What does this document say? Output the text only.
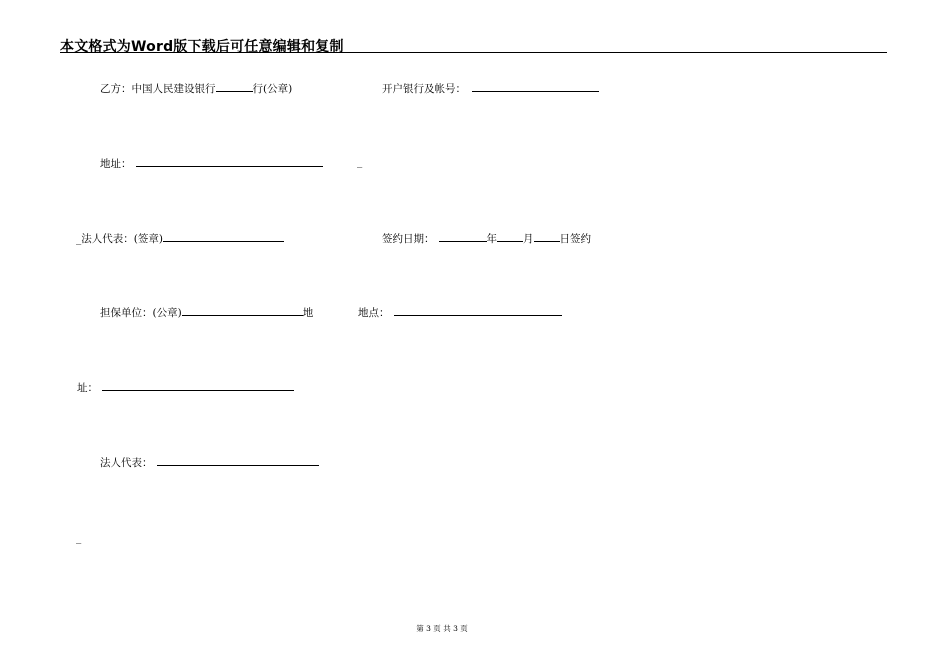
本文格式为Word版下载后可任意编辑和复制
乙方：中国人民建设银行	行(公章)	开户银行及帐号：
地址：	_
_法人代表：(签章)	签约日期：	年 月 日签约
担保单位：(公章)	地	地点：
址：
法人代表：
_
第 3 页 共 3 页
